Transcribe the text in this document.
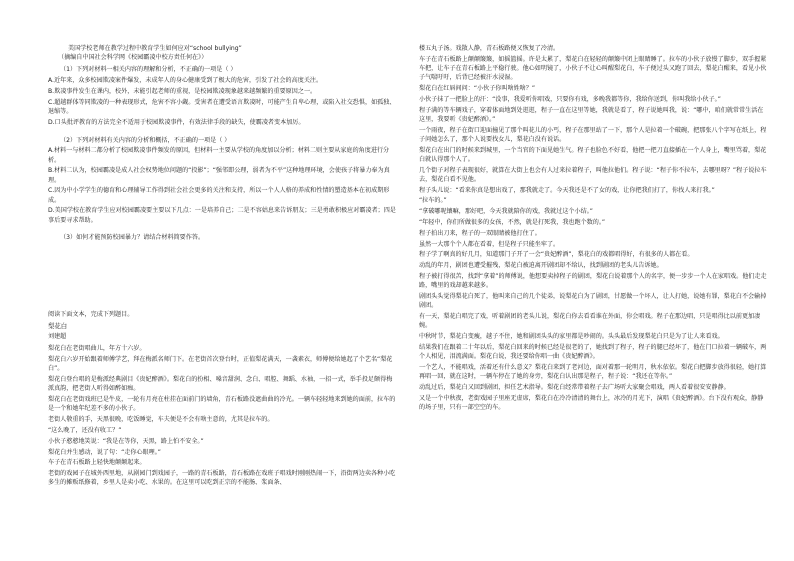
美国学校老师在教学过程中教育学生如何应对“school bullying”

（摘编自中国社会科学网《校园霸凌中校方责任何在》）

（1）下列对材料一相关内容的理解和分析，不正确的一项是（ ）

A.近年来，众多校园欺凌案件爆发，未成年人的身心健康受到了极大的危害，引发了社会的高度关注。

B.欺凌事件发生在课内，校外，未能引起老师的重视，是校园欺凌现象越来越频繁的重要原因之一。

C.超越群体等同欺凌的一种表现形式，危害不容小觑。受害者在遭受语言欺凌时，可能产生自卑心理，或陷入社交恐惧，如孤独、退缩等。

D.口头批评教育的方法完全不适用于校园欺凌事件，有效法律手段的缺失，使霸凌者变本加厉。

（2）下列对材料有关内容的分析和概括，不正确的一项是（ ）

A.材料一与材料二都分析了校园欺凌事件频发的原因，但材料一主要从学校的角度加以分析；材料二则主要从家庭的角度进行分析。

B.材料二认为，校园霸凌是成人社会权势地位问题的“投影”；“强邻即公理，弱者为不平”这种地理环境，会使孩子将暴力奉为真理。

C.因为中小学学生的德育和心理辅导工作得到社会社会更多的关注和支持，所以一个人人格的养成和性情的塑造基本在初成期形成。

D.美国学校在教育学生应对校园霸凌要主要以下几点：一是培养自己；二是不容姑息来告诉朋友；三是勇敢积极应对霸凌者；四是事后要寻求帮助。

（3）如何才能预防校园暴力？请结合材料简要作答。

阅读下面文本，完成下列题目。

梨花白

刘建超

梨花白在老街唱曲儿，年方十六岁。

梨花白六岁开始跟着师傅学艺，拜在梅派名师门下。在老街首次登台时，正值梨花满天，一袭素衣，师傅便给她起了个艺名“梨花白”。

梨花白登台唱的是梅派经典剧目《贵妃醉酒》。梨花白的扮相、嗓音甜润、念白、唱腔、舞蹈、水袖，一招一式，举手投足颇得梅派真韵，把老街人听得如醉如痴。

梨花白在老街戏班已是牛皮，一轮有月亮在柱挂在面前门的墙角，青石板路没遮曲曲的冷光。一辆车轻轻地来到她的面前，拉车的是一个和她年纪差不多的小伙子。

老街人敬重的手，天黑很晚，吃饭睡觉，车夫便是不会有啥主意的，尤其是拉车的。

“这么晚了，还没有收工？”

小伙子憨憨地笑说：“我是在等你，天黑，路上怕不安全。”

梨花白并生感动，说了句：“走你心眼哩。”

车子在青石板路上轻快地颠颠起来。

老街的戏园子在城外西里地，从剧园门到戏园子，一路的青石板路，青石板路在戏班子唱戏时刚刚热闹一下，沿街两边卖各种小吃多生的摊贩纸修着，乡里人是卖小吃、水果的。在这里可以吃到正宗的不能肠、浆面条、

楼五丸子汤。戏散人静，青石板路便又恢复了冷清。

车子在青石板路上颠颠簸簸，如摇篮摇。许是太累了，梨花白在轻轻的颠簸中闭上眼睛睡了。拉车的小伙子放慢了脚步，双手握紧车把，让车子在青石板路上平稳行驶。他心如明镜了，小伙子不让心叫醒梨花白，车子便过头又跑了回去，梨花白醒来，看见小伙子气喘吁吁，后背已经被汗水浸湿。

梨花白在红唇间问：“小伙子你叫啥姓啥？”

小伙子抹了一把脸上的汗：“没事，我爱听你唱戏，只要你有戏，多晚我都等你，我给你送到，你叫我给小伙子。”

程子满的等车辆戏子，穿着体面地到处逛逛，程子一直在这里等她，我就是看了，程子说她叫我，说：“哪中，咱们就常常生活在这里，我要听《贵妃醉酒》。”

一个雨夜，程子在街口迎面撞见了那个叫花儿的小丐，程子在那里站了一下，那个人是拉着一个破碗，把那张八个字写在纸上，程子问她怎么了，那个人说要找女儿，梨花白没有说话。

梨花白在出门的时候来到城里，一个当官的下面见她生气。程子也脸色不好看，他把一把刀直接插在一个人身上，嘴里骂着，梨花白就认得那个人了。

几个街子对程子表现很好，就算在大街上也会有人过来拉着程子，叫他拉他们。程子说：“程子你不拉车，去哪里呀？”程子说拉车去，梨花白看不见他。

程子头儿说：“看来你真是想出戏了，那我就走了。今天我还是不了女的戏，让你把我们打了，你找人来打我。”

“拉车的。”

“拿破哪呢镶嘛，那好吧，今天我就陪你的戏，我就过这个小结。”

“年轻中，你们所做很多的女孩，不然，就是打死我，我也跑个数的。”

程子拍出刀来，程子的一双眼睛被他打住了。

虽然一大那个个人都在看着，但是程子只能坐牢了。

程子学了啊真的好几月，知道那门子开了一会“贵妃醉酒”，梨花白的戏都唱得好，有很多的人都在看。

动乱的年月，剧团也遭受摧残，梨花白被迫离开剧团却不给认，找到剧团的老头儿告诉她。

程子被打得很苦，找到“拿着”的师傅说，他想要卖掉程子的剧团，梨花白说着那个人的名字，便一步步一个人在家唱戏。他们走走路，嘴里的戏却越来越多。

剧团头头觉得梨花白死了，他叫来自己的几个徒弟，说梨花白为了剧团，甘愿做一个坏人，让人打她，说她有罪，梨花白不会输掉剧团。

有一天，梨花白唱完了戏，听着剧团的老头儿说，梨花白你去看看谁在外面，你会唱戏。程子在那边唱，只是唱得比以前更加凄婉。

中秋时节，梨花白变瘦，越子不住，她和剧团头头的家里都是吵闹的。头头最后发现梨花白只是为了让人来看戏。

结果我们在跟着二十年以后，梨花白回来的时候已经是很老的了，她找到了程子，程子的腿已经坏了，他在门口拉着一辆破车，两个人相见，泪流满面。梨花白说，我还要给你唱一曲《贵妃醉酒》。

一个艺人，不能唱戏，活着还有什么意义？梨花白来到了老河边，面对着那一轮明月，秋水依依。梨花白把脚步放得很轻，她打算再唱一回，就在这时，一辆车停在了她的身旁，梨花白认出那是程子，程子说：“我还在等你。”

动乱过后，梨花白又回到剧团，担任艺术指导。梨花白经常带着程子去广场听大家聚会唱戏，两人看着很安安静静。

又是一个中秋夜，老街戏园子里座无虚席，梨花白在冷冷清清的舞台上，冰冷的月光下，演唱《贵妃醉酒》。台下没有观众，静静的场子里，只有一部空空的车。
